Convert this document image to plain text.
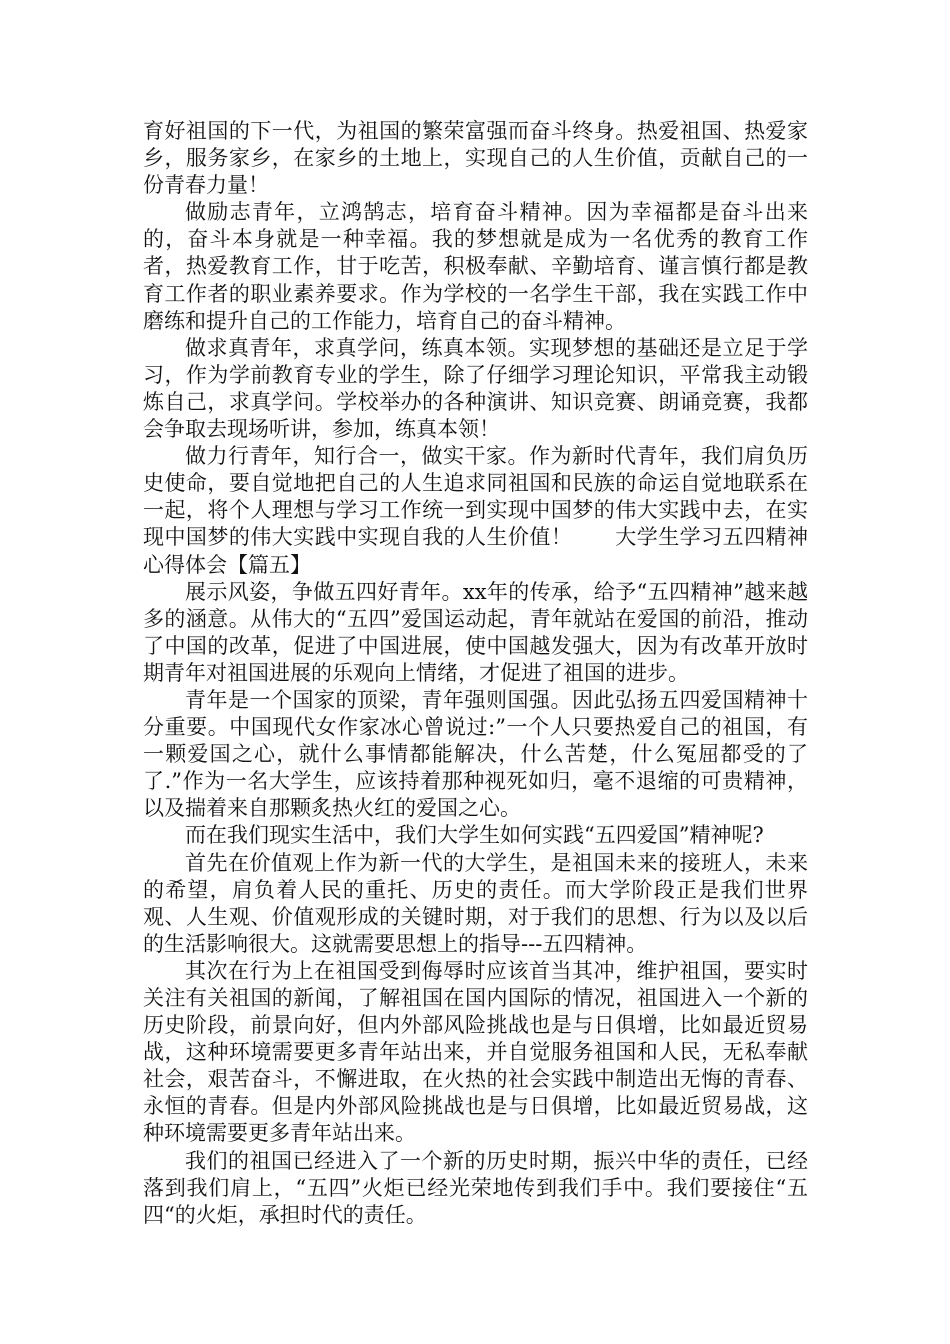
育好祖国的下一代，为祖国的繁荣富强而奋斗终身。热爱祖国、热爱家乡，服务家乡，在家乡的土地上，实现自己的人生价值，贡献自己的一份青春力量！

做励志青年，立鸿鹄志，培育奋斗精神。因为幸福都是奋斗出来的，奋斗本身就是一种幸福。我的梦想就是成为一名优秀的教育工作者，热爱教育工作，甘于吃苦，积极奉献、辛勤培育、谨言慎行都是教育工作者的职业素养要求。作为学校的一名学生干部，我在实践工作中磨练和提升自己的工作能力，培育自己的奋斗精神。

做求真青年，求真学问，练真本领。实现梦想的基础还是立足于学习，作为学前教育专业的学生，除了仔细学习理论知识，平常我主动锻炼自己，求真学问。学校举办的各种演讲、知识竞赛、朗诵竞赛，我都会争取去现场听讲，参加，练真本领！

做力行青年，知行合一，做实干家。作为新时代青年，我们肩负历史使命，要自觉地把自己的人生追求同祖国和民族的命运自觉地联系在一起，将个人理想与学习工作统一到实现中国梦的伟大实践中去，在实现中国梦的伟大实践中实现自我的人生价值！　　大学生学习五四精神心得体会【篇五】

展示风姿，争做五四好青年。xx年的传承，给予“五四精神”越来越多的涵意。从伟大的“五四”爱国运动起，青年就站在爱国的前沿，推动了中国的改革，促进了中国进展，使中国越发强大，因为有改革开放时期青年对祖国进展的乐观向上情绪，才促进了祖国的进步。

青年是一个国家的顶梁，青年强则国强。因此弘扬五四爱国精神十分重要。中国现代女作家冰心曾说过:”一个人只要热爱自己的祖国，有一颗爱国之心，就什么事情都能解决，什么苦楚，什么冤屈都受的了了.”作为一名大学生，应该持着那种视死如归，毫不退缩的可贵精神，以及揣着来自那颗炙热火红的爱国之心。

而在我们现实生活中，我们大学生如何实践“五四爱国”精神呢?

首先在价值观上作为新一代的大学生，是祖国未来的接班人，未来的希望，肩负着人民的重托、历史的责任。而大学阶段正是我们世界观、人生观、价值观形成的关键时期，对于我们的思想、行为以及以后的生活影响很大。这就需要思想上的指导---五四精神。

其次在行为上在祖国受到侮辱时应该首当其冲，维护祖国，要实时关注有关祖国的新闻，了解祖国在国内国际的情况，祖国进入一个新的历史阶段，前景向好，但内外部风险挑战也是与日俱增，比如最近贸易战，这种环境需要更多青年站出来，并自觉服务祖国和人民，无私奉献社会，艰苦奋斗，不懈进取，在火热的社会实践中制造出无悔的青春、永恒的青春。但是内外部风险挑战也是与日俱增，比如最近贸易战，这种环境需要更多青年站出来。

我们的祖国已经进入了一个新的历史时期，振兴中华的责任，已经落到我们肩上，“五四”火炬已经光荣地传到我们手中。我们要接住“五四“的火炬，承担时代的责任。
